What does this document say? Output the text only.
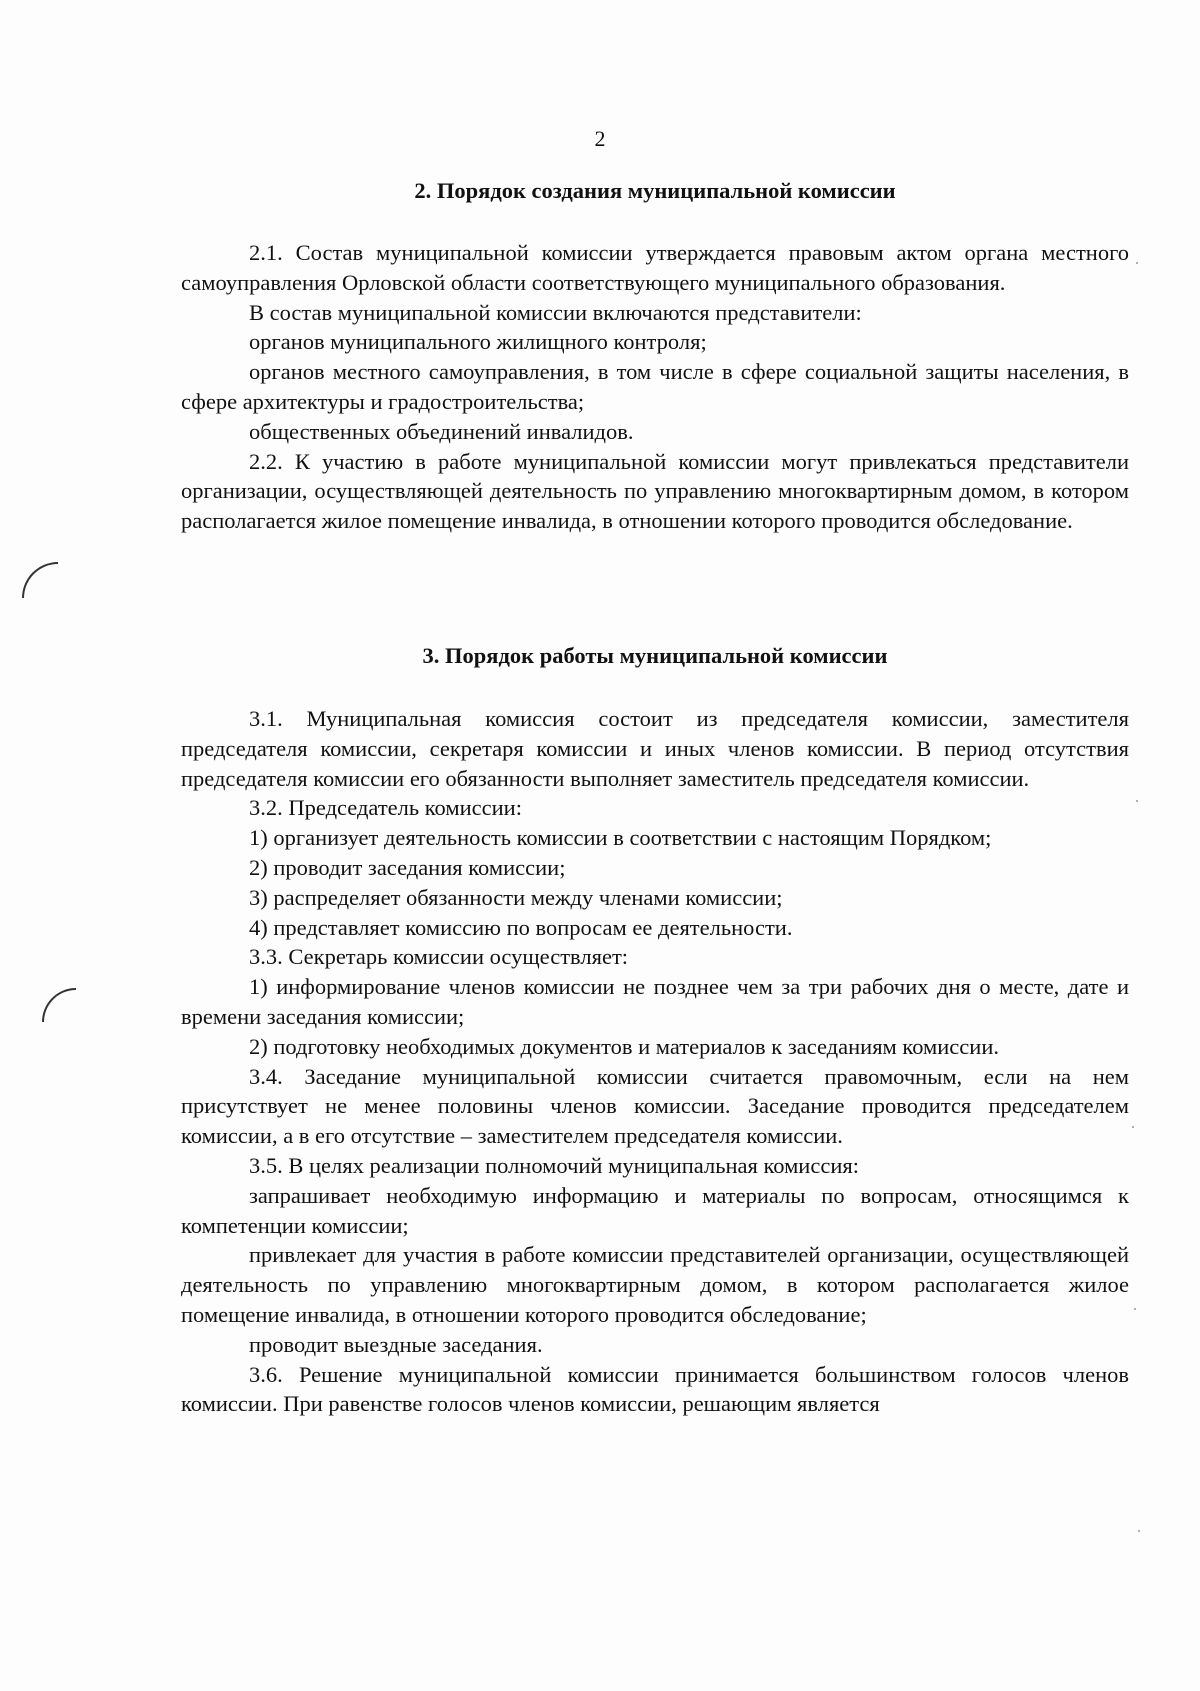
2
2. Порядок создания муниципальной комиссии

2.1. Состав муниципальной комиссии утверждается правовым актом органа местного самоуправления Орловской области соответствующего муниципального образования.

В состав муниципальной комиссии включаются представители:

органов муниципального жилищного контроля;

органов местного самоуправления, в том числе в сфере социальной защиты населения, в сфере архитектуры и градостроительства;

общественных объединений инвалидов.

2.2. К участию в работе муниципальной комиссии могут привлекаться представители организации, осуществляющей деятельность по управлению многоквартирным домом, в котором располагается жилое помещение инвалида, в отношении которого проводится обследование.

3. Порядок работы муниципальной комиссии

3.1. Муниципальная комиссия состоит из председателя комиссии, заместителя председателя комиссии, секретаря комиссии и иных членов комиссии. В период отсутствия председателя комиссии его обязанности выполняет заместитель председателя комиссии.

3.2. Председатель комиссии:

1) организует деятельность комиссии в соответствии с настоящим Порядком;

2) проводит заседания комиссии;

3) распределяет обязанности между членами комиссии;

4) представляет комиссию по вопросам ее деятельности.

3.3. Секретарь комиссии осуществляет:

1) информирование членов комиссии не позднее чем за три рабочих дня о месте, дате и времени заседания комиссии;

2) подготовку необходимых документов и материалов к заседаниям комиссии.

3.4. Заседание муниципальной комиссии считается правомочным, если на нем присутствует не менее половины членов комиссии. Заседание проводится председателем комиссии, а в его отсутствие – заместителем председателя комиссии.

3.5. В целях реализации полномочий муниципальная комиссия:

запрашивает необходимую информацию и материалы по вопросам, относящимся к компетенции комиссии;

привлекает для участия в работе комиссии представителей организации, осуществляющей деятельность по управлению многоквартирным домом, в котором располагается жилое помещение инвалида, в отношении которого проводится обследование;

проводит выездные заседания.

3.6. Решение муниципальной комиссии принимается большинством голосов членов комиссии. При равенстве голосов членов комиссии, решающим является
